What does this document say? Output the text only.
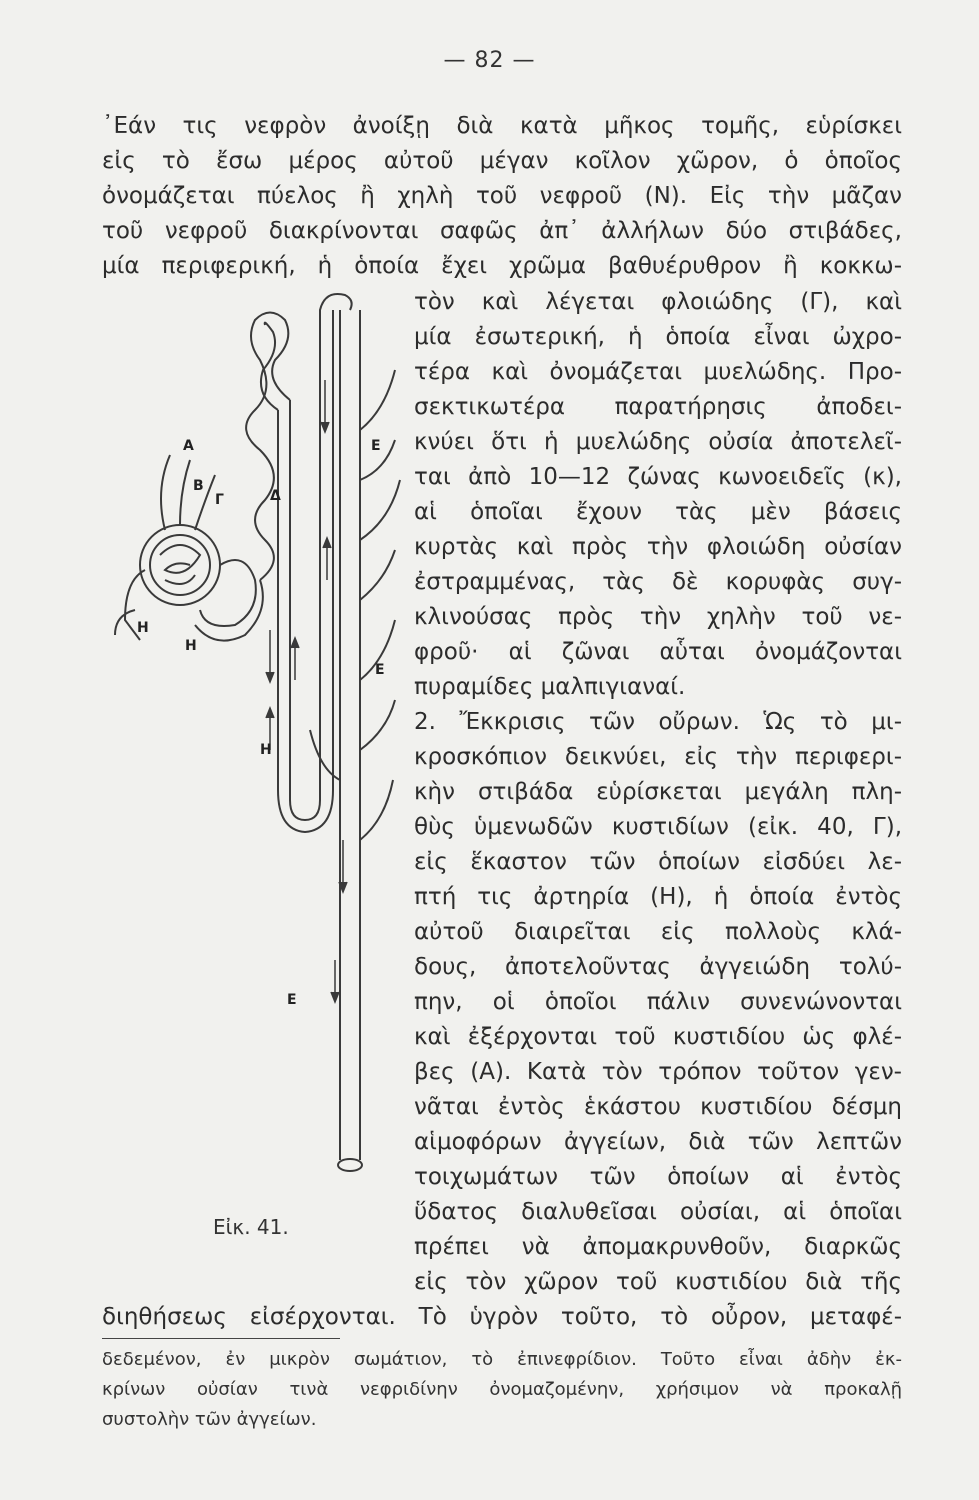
— 82 —
᾿Εάν τις νεφρὸν ἀνοίξῃ διὰ κατὰ μῆκος τομῆς, εὑρίσκει
εἰς τὸ ἔσω μέρος αὐτοῦ μέγαν κοῖλον χῶρον, ὁ ὁποῖος
ὀνομάζεται πύελος ἢ χηλὴ τοῦ νεφροῦ (Ν). Εἰς τὴν μᾶζαν
τοῦ νεφροῦ διακρίνονται σαφῶς ἀπ᾿ ἀλλήλων δύο στιβάδες,
μία περιφερική, ἡ ὁποία ἔχει χρῶμα βαθυέρυθρον ἢ κοκκω-
τὸν καὶ λέγεται φλοιώδης (Γ), καὶ
μία ἐσωτερική, ἡ ὁποία εἶναι ὠχρο-
τέρα καὶ ὀνομάζεται μυελώδης. Προ-
σεκτικωτέρα παρατήρησις ἀποδει-
κνύει ὅτι ἡ μυελώδης οὐσία ἀποτελεῖ-
ται ἀπὸ 10—12 ζώνας κωνοειδεῖς (κ),
αἱ ὁποῖαι ἔχουν τὰς μὲν βάσεις
κυρτὰς καὶ πρὸς τὴν φλοιώδη οὐσίαν
ἐστραμμένας, τὰς δὲ κορυφὰς συγ-
κλινούσας πρὸς τὴν χηλὴν τοῦ νε-
φροῦ· αἱ ζῶναι αὗται ὀνομάζονται
πυραμίδες μαλπιγιαναί.
2. Ἔκκρισις τῶν οὔρων. Ὡς τὸ μι-
κροσκόπιον δεικνύει, εἰς τὴν περιφερι-
κὴν στιβάδα εὑρίσκεται μεγάλη πλη-
θὺς ὑμενωδῶν κυστιδίων (εἰκ. 40, Γ),
εἰς ἕκαστον τῶν ὁποίων εἰσδύει λε-
πτή τις ἀρτηρία (Η), ἡ ὁποία ἐντὸς
αὐτοῦ διαιρεῖται εἰς πολλοὺς κλά-
δους, ἀποτελοῦντας ἀγγειώδη τολύ-
πην, οἱ ὁποῖοι πάλιν συνενώνονται
καὶ ἐξέρχονται τοῦ κυστιδίου ὡς φλέ-
βες (Α). Κατὰ τὸν τρόπον τοῦτον γεν-
νᾶται ἐντὸς ἑκάστου κυστιδίου δέσμη
αἱμοφόρων ἀγγείων, διὰ τῶν λεπτῶν
τοιχωμάτων τῶν ὁποίων αἱ ἐντὸς
ὕδατος διαλυθεῖσαι οὐσίαι, αἱ ὁποῖαι
πρέπει νὰ ἀπομακρυνθοῦν, διαρκῶς
εἰς τὸν χῶρον τοῦ κυστιδίου διὰ τῆς
διηθήσεως εἰσέρχονται. Τὸ ὑγρὸν τοῦτο, τὸ οὖρον, μεταφέ-
δεδεμένον, ἐν μικρὸν σωμάτιον, τὸ ἐπινεφρίδιον. Τοῦτο εἶναι ἀδὴν ἐκ-
κρίνων οὐσίαν τινὰ νεφριδίνην ὀνομαζομένην, χρήσιμον νὰ προκαλῇ
συστολὴν τῶν ἀγγείων.
Α
Β
Γ	Δ
Ε
Ε
Ε
Η
Η
Η
Εἰκ. 41.
